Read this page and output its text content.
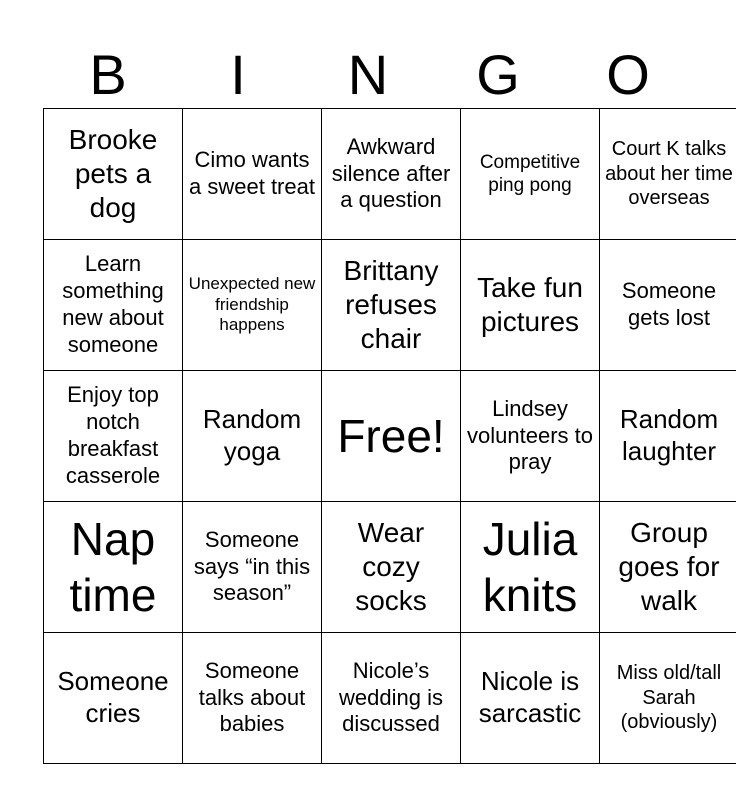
B	I	N	G	O
Brooke pets a dog	Cimo wants a sweet treat	Awkward silence after a question	Competitive ping pong	Court K talks about her time overseas
Learn something new about someone	Unexpected new friendship happens	Brittany refuses chair	Take fun pictures	Someone gets lost
Enjoy top notch breakfast casserole	Random yoga	Free!	Lindsey volunteers to pray	Random laughter
Nap time	Someone says “in this season”	Wear cozy socks	Julia knits	Group goes for walk
Someone cries	Someone talks about babies	Nicole’s wedding is discussed	Nicole is sarcastic	Miss old/tall Sarah (obviously)
